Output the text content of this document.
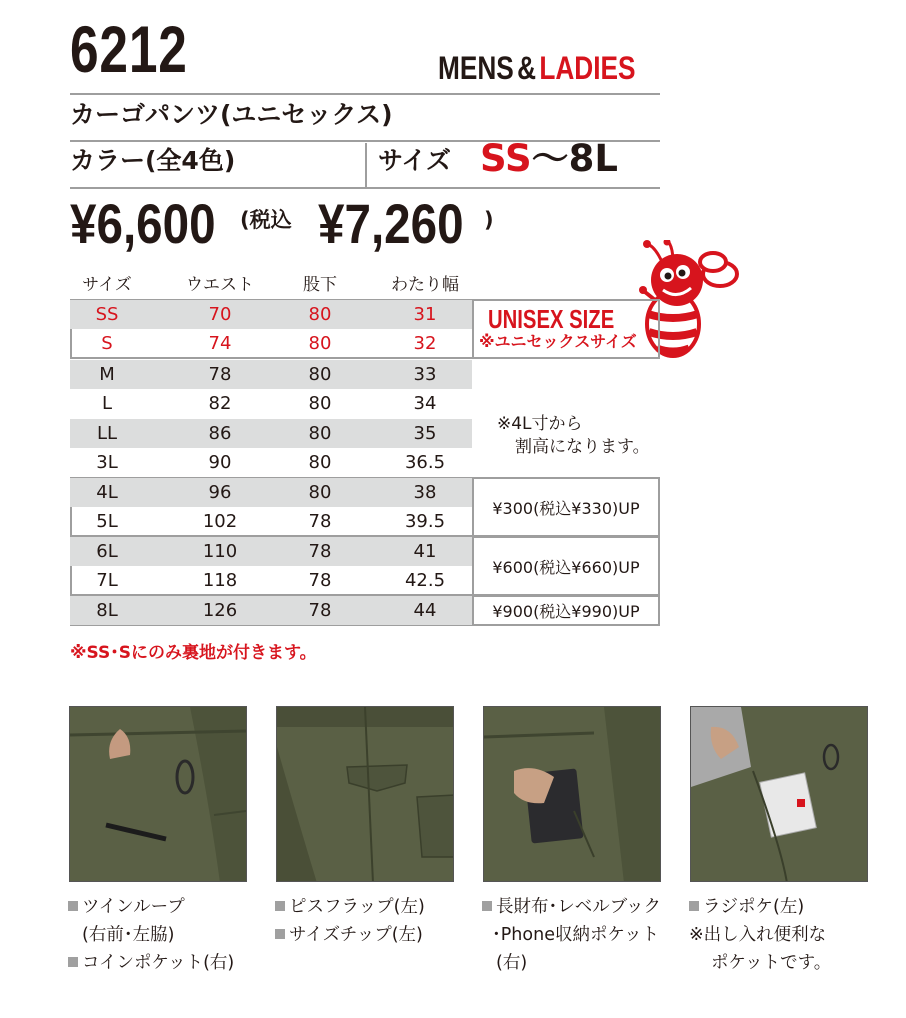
6212	MENS & LADIES
カーゴパンツ(ユニセックス)
カラー(全4色)	サイズ SS〜8L
¥6,600 (税込 ¥7,260 )
サイズ	ウエスト	股下	わたり幅
SS	70	80	31
S	74	80	32
M	78	80	33
L	82	80	34
LL	86	80	35
3L	90	80	36.5
4L	96	80	38
5L	102	78	39.5
6L	110	78	41
7L	118	78	42.5
8L	126	78	44
UNISEX SIZE
※ユニセックスサイズ
※4L寸から
割高になります。
¥300(税込¥330)UP
¥600(税込¥660)UP
¥900(税込¥990)UP
※SS･Sにのみ裏地が付きます。
ツインループ
(右前･左脇)
コインポケット(右)
ピスフラップ(左)
サイズチップ(左)
長財布･レベルブック
･Phone収納ポケット
(右)
ラジポケ(左)
※出し入れ便利な
ポケットです。
